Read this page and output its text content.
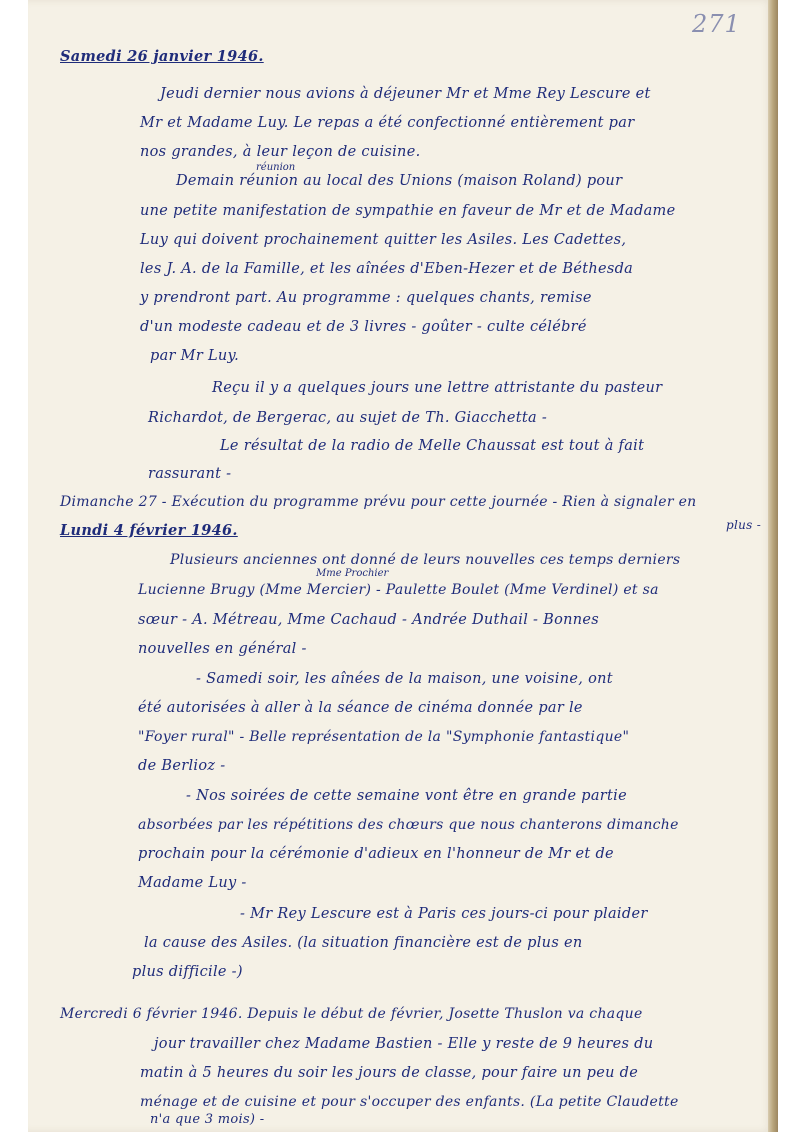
271
Samedi 26 janvier 1946.
Jeudi dernier nous avions à déjeuner Mr et Mme Rey Lescure et
Mr et Madame Luy. Le repas a été confectionné entièrement par
nos grandes, à leur leçon de cuisine.
réunion
Demain réunion au local des Unions (maison Roland) pour
une petite manifestation de sympathie en faveur de Mr et de Madame
Luy qui doivent prochainement quitter les Asiles. Les Cadettes,
les J. A. de la Famille, et les aînées d'Eben-Hezer et de Béthesda
y prendront part. Au programme : quelques chants, remise
d'un modeste cadeau et de 3 livres - goûter - culte célébré
par Mr Luy.
Reçu il y a quelques jours une lettre attristante du pasteur
Richardot, de Bergerac, au sujet de Th. Giacchetta -
Le résultat de la radio de Melle Chaussat est tout à fait
rassurant -
Dimanche 27 - Exécution du programme prévu pour cette journée - Rien à signaler en
plus -
Lundi 4 février 1946.
Plusieurs anciennes ont donné de leurs nouvelles ces temps derniers
Mme Prochier
Lucienne Brugy (Mme Mercier) - Paulette Boulet (Mme Verdinel) et sa
sœur - A. Métreau, Mme Cachaud - Andrée Duthail - Bonnes
nouvelles en général -
- Samedi soir, les aînées de la maison, une voisine, ont
été autorisées à aller à la séance de cinéma donnée par le
"Foyer rural" - Belle représentation de la "Symphonie fantastique"
de Berlioz -
- Nos soirées de cette semaine vont être en grande partie
absorbées par les répétitions des chœurs que nous chanterons dimanche
prochain pour la cérémonie d'adieux en l'honneur de Mr et de
Madame Luy -
- Mr Rey Lescure est à Paris ces jours-ci pour plaider
la cause des Asiles. (la situation financière est de plus en
plus difficile -)
Mercredi 6 février 1946. Depuis le début de février, Josette Thuslon va chaque
jour travailler chez Madame Bastien - Elle y reste de 9 heures du
matin à 5 heures du soir les jours de classe, pour faire un peu de
ménage et de cuisine et pour s'occuper des enfants. (La petite Claudette
n'a que 3 mois) -
